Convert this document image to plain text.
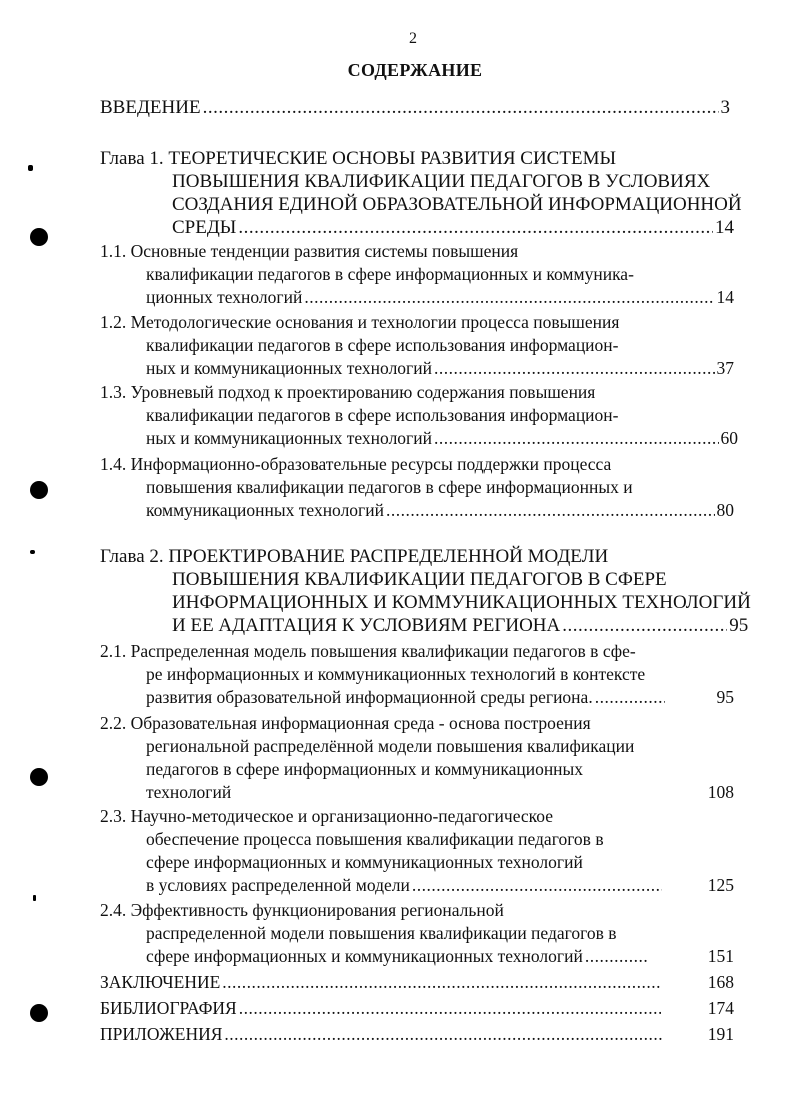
2
СОДЕРЖАНИЕ
ВВЕДЕНИЕ .....	3
Глава 1. ТЕОРЕТИЧЕСКИЕ ОСНОВЫ РАЗВИТИЯ СИСТЕМЫ
ПОВЫШЕНИЯ КВАЛИФИКАЦИИ ПЕДАГОГОВ В УСЛОВИЯХ
СОЗДАНИЯ ЕДИНОЙ ОБРАЗОВАТЕЛЬНОЙ ИНФОРМАЦИОННОЙ
СРЕДЫ .....	14
1.1. Основные тенденции развития системы повышения
квалификации педагогов в сфере информационных и коммуника-
ционных технологий .....	14
1.2. Методологические основания и технологии процесса повышения
квалификации педагогов в сфере использования информацион-
ных и коммуникационных технологий .....	37
1.3. Уровневый подход к проектированию содержания повышения
квалификации педагогов в сфере использования информацион-
ных и коммуникационных технологий .....	60
1.4. Информационно-образовательные ресурсы поддержки процесса
повышения квалификации педагогов в сфере информационных и
коммуникационных технологий .....	80
Глава 2. ПРОЕКТИРОВАНИЕ РАСПРЕДЕЛЕННОЙ МОДЕЛИ
ПОВЫШЕНИЯ КВАЛИФИКАЦИИ ПЕДАГОГОВ В СФЕРЕ
ИНФОРМАЦИОННЫХ И КОММУНИКАЦИОННЫХ ТЕХНОЛОГИЙ
И ЕЕ АДАПТАЦИЯ К УСЛОВИЯМ РЕГИОНА .....	95
2.1. Распределенная модель повышения квалификации педагогов в сфе-
ре информационных и коммуникационных технологий в контексте
развития образовательной информационной среды региона. .....	95
2.2. Образовательная информационная среда - основа построения
региональной распределённой модели повышения квалификации
педагогов в сфере информационных и коммуникационных
технологий	108
2.3. Научно-методическое и организационно-педагогическое
обеспечение процесса повышения квалификации педагогов в
сфере информационных и коммуникационных технологий
в условиях распределенной модели .....	125
2.4. Эффективность функционирования региональной
распределенной модели повышения квалификации педагогов в
сфере информационных и коммуникационных технологий .....	151
ЗАКЛЮЧЕНИЕ .....	168
БИБЛИОГРАФИЯ .....	174
ПРИЛОЖЕНИЯ .....	191
